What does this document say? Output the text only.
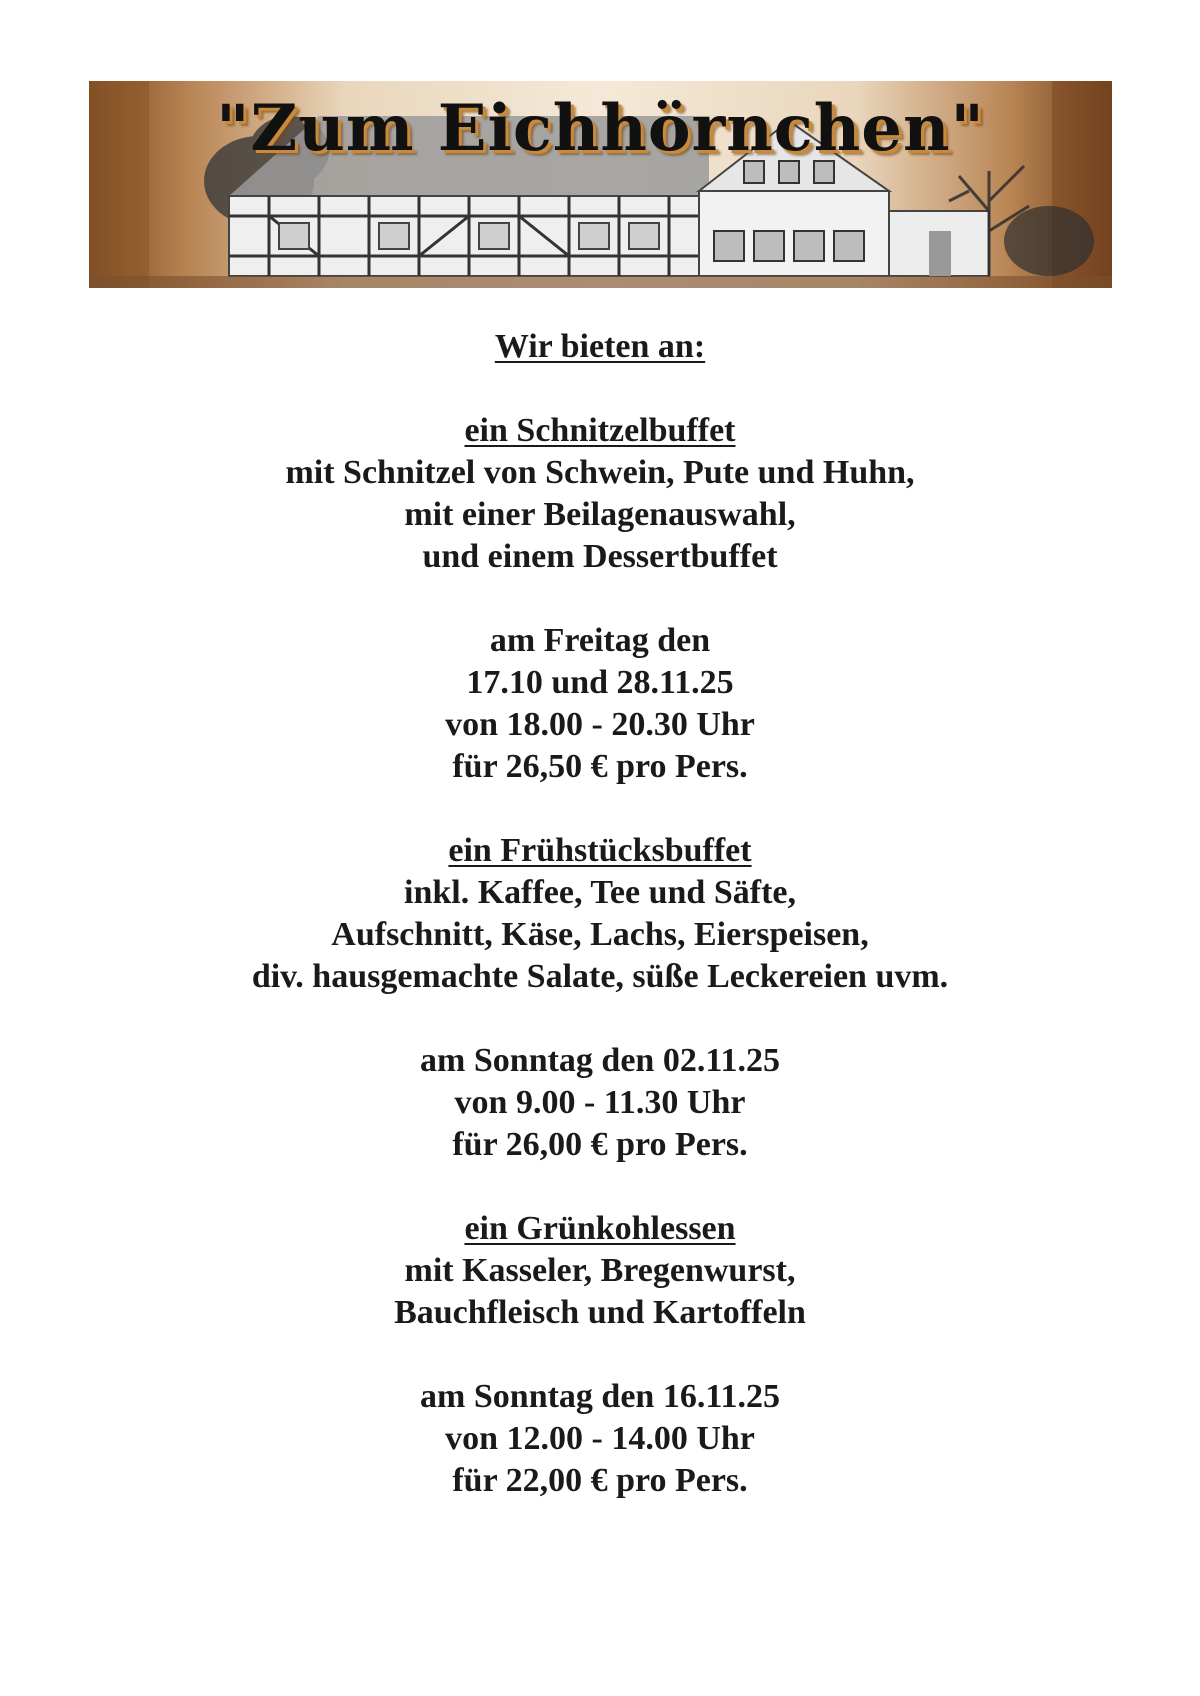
"Zum Eichhörnchen"

Wir bieten an:

ein Schnitzelbuffet

mit Schnitzel von Schwein, Pute und Huhn,

mit einer Beilagenauswahl,

und einem Dessertbuffet

am Freitag den

17.10 und 28.11.25

von 18.00 - 20.30 Uhr

für 26,50 € pro Pers.

ein Frühstücksbuffet

inkl. Kaffee, Tee und Säfte,

Aufschnitt, Käse, Lachs, Eierspeisen,

div. hausgemachte Salate, süße Leckereien uvm.

am Sonntag den 02.11.25

von 9.00 - 11.30 Uhr

für 26,00 € pro Pers.

ein Grünkohlessen

mit Kasseler, Bregenwurst,

Bauchfleisch und Kartoffeln

am Sonntag den 16.11.25

von 12.00 - 14.00 Uhr

für 22,00 € pro Pers.
